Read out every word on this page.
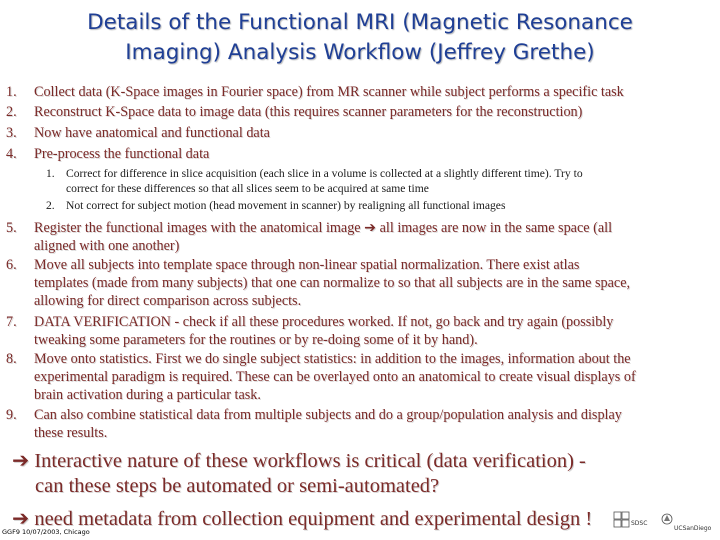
Details of the Functional MRI (Magnetic Resonance
Imaging) Analysis Workflow (Jeffrey Grethe)
1.	Collect data (K-Space images in Fourier space) from MR scanner while subject performs a specific task
2.	Reconstruct K-Space data to image data (this requires scanner parameters for the reconstruction)
3.	Now have anatomical and functional data
4.	Pre-process the functional data
1. Correct for difference in slice acquisition (each slice in a volume is collected at a slightly different time). Try to
correct for these differences so that all slices seem to be acquired at same time
2. Not correct for subject motion (head movement in scanner) by realigning all functional images
5.	Register the functional images with the anatomical image ➔ all images are now in the same space (all
aligned with one another)
6.	Move all subjects into template space through non-linear spatial normalization. There exist atlas
templates (made from many subjects) that one can normalize to so that all subjects are in the same space,
allowing for direct comparison across subjects.
7.	DATA VERIFICATION - check if all these procedures worked. If not, go back and try again (possibly
tweaking some parameters for the routines or by re-doing some of it by hand).
8.	Move onto statistics. First we do single subject statistics: in addition to the images, information about the
experimental paradigm is required. These can be overlayed onto an anatomical to create visual displays of
brain activation during a particular task.
9.	Can also combine statistical data from multiple subjects and do a group/population analysis and display
these results.
➔ Interactive nature of these workflows is critical (data verification) -
can these steps be automated or semi-automated?
➔ need metadata from collection equipment and experimental design !
GGF9 10/07/2003, Chicago
SDSC
UCSanDiego
